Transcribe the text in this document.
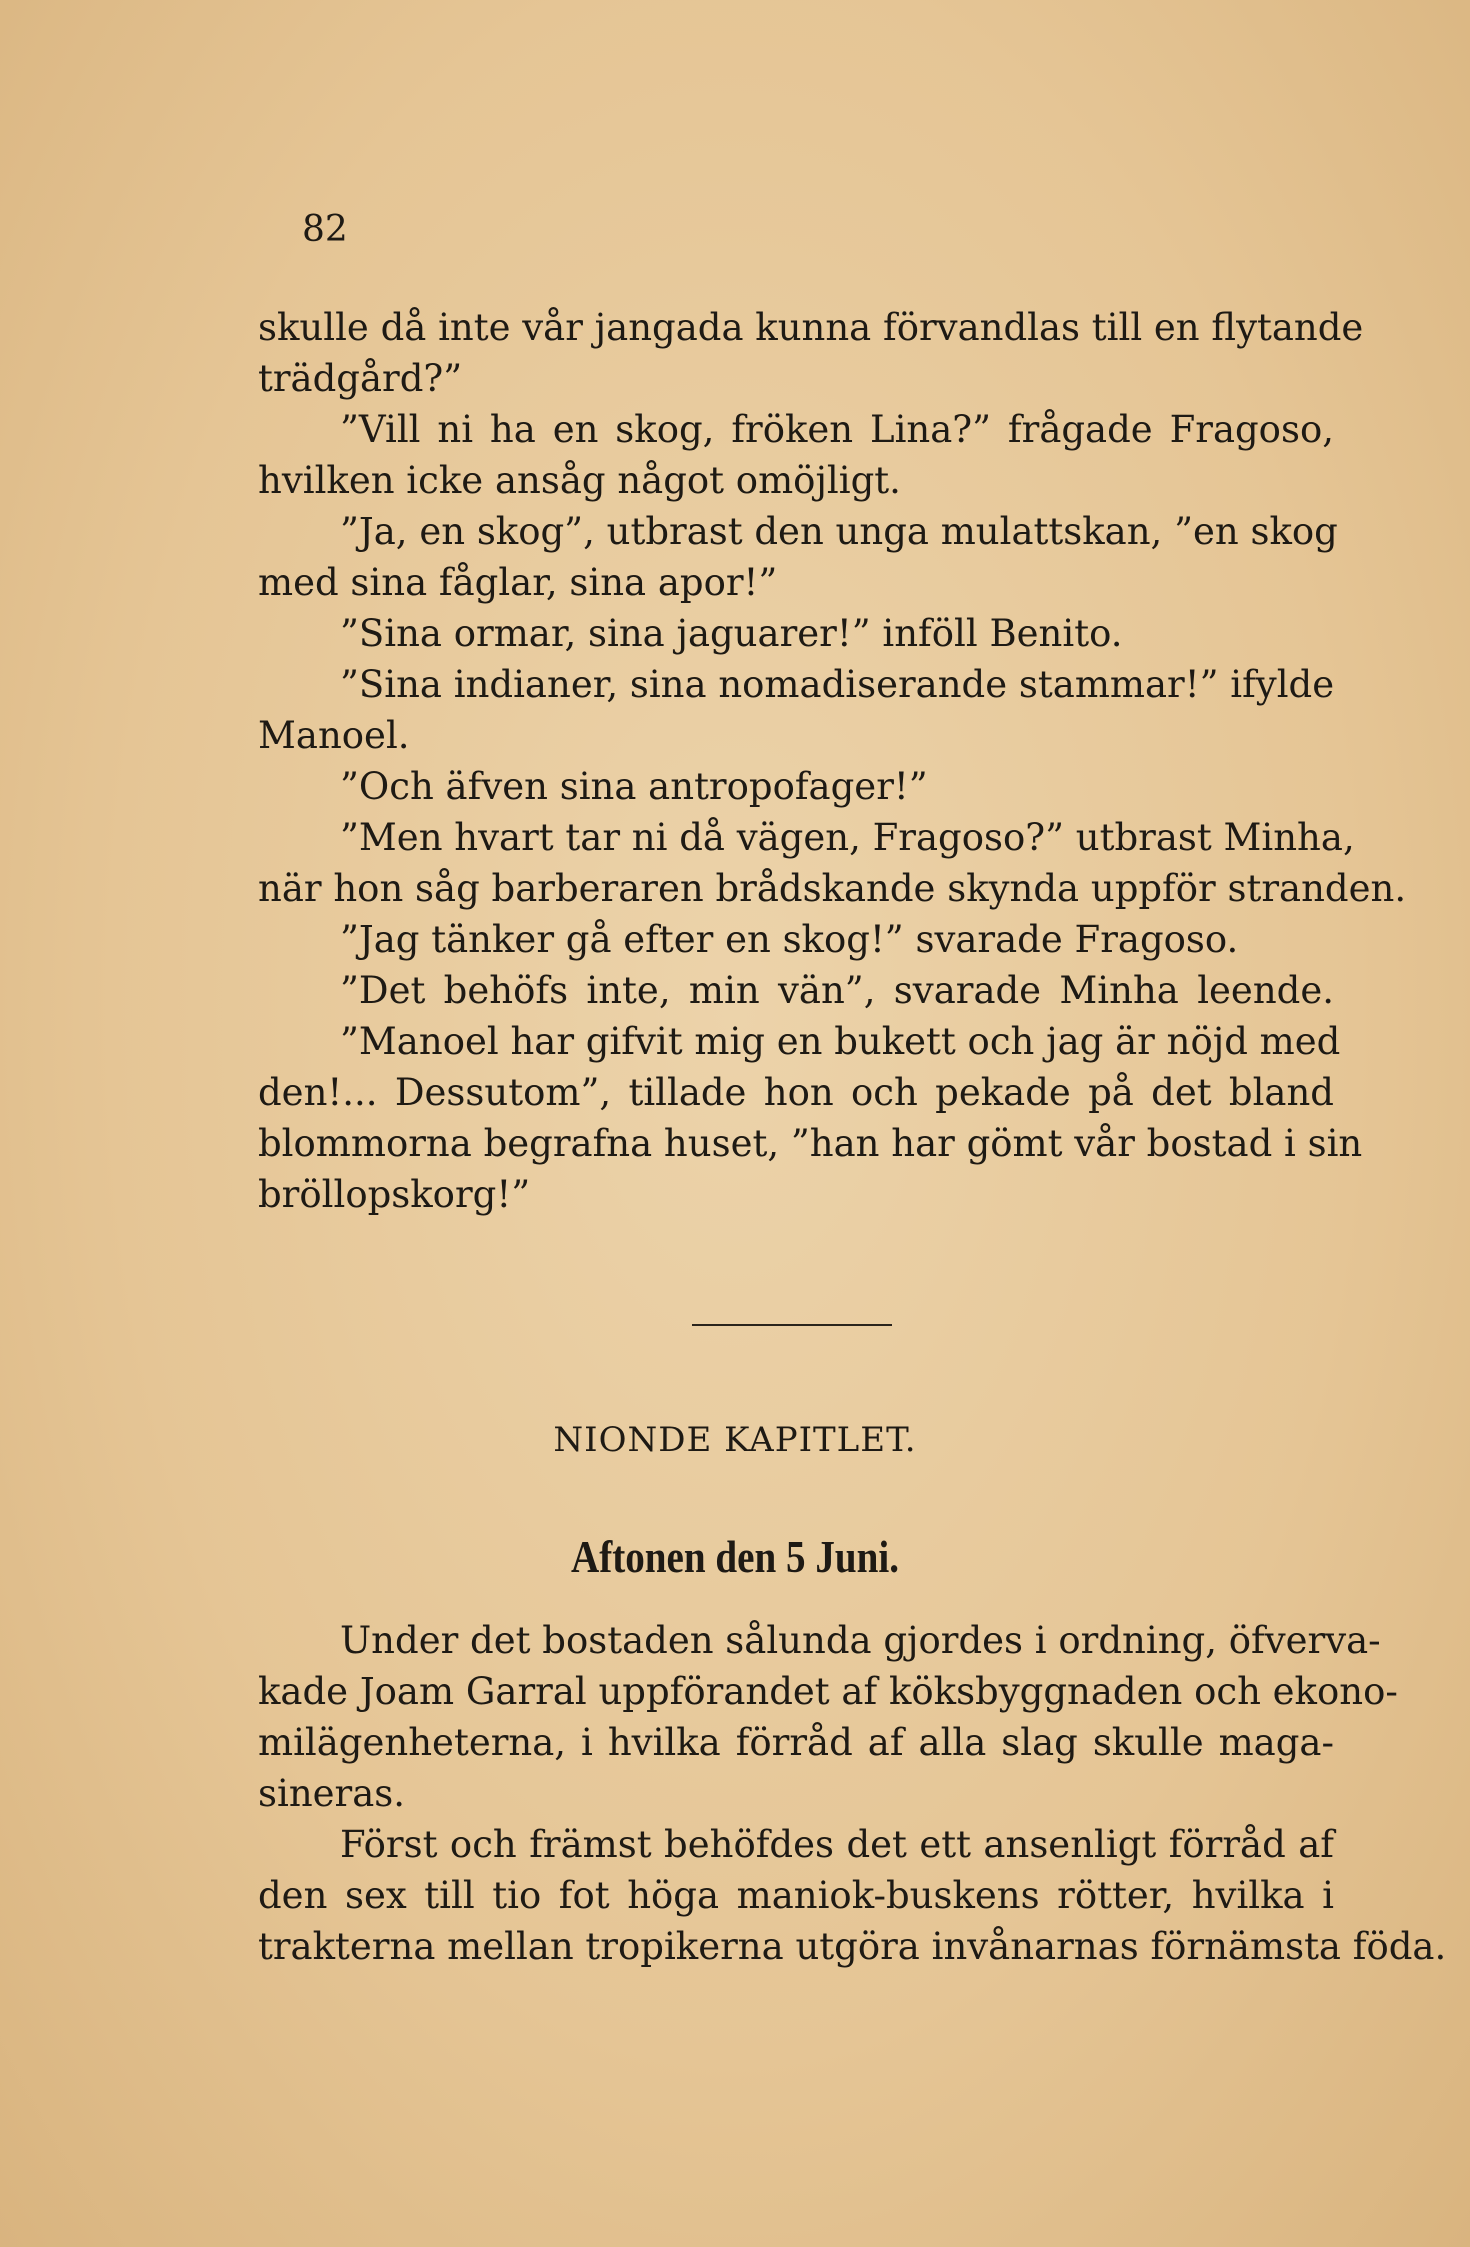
82
skulle då inte vår jangada kunna förvandlas till en flytande
trädgård?”
”Vill ni ha en skog, fröken Lina?” frågade Fragoso,
hvilken icke ansåg något omöjligt.
”Ja, en skog”, utbrast den unga mulattskan, ”en skog
med sina fåglar, sina apor!”
”Sina ormar, sina jaguarer!” inföll Benito.
”Sina indianer, sina nomadiserande stammar!” ifylde
Manoel.
”Och äfven sina antropofager!”
”Men hvart tar ni då vägen, Fragoso?” utbrast Minha,
när hon såg barberaren brådskande skynda uppför stranden.
”Jag tänker gå efter en skog!” svarade Fragoso.
”Det behöfs inte, min vän”, svarade Minha leende.
”Manoel har gifvit mig en bukett och jag är nöjd med
den!... Dessutom”, tillade hon och pekade på det bland
blommorna begrafna huset, ”han har gömt vår bostad i sin
bröllopskorg!”
NIONDE KAPITLET.
Aftonen den 5 Juni.
Under det bostaden sålunda gjordes i ordning, öfverva-
kade Joam Garral uppförandet af köksbyggnaden och ekono-
milägenheterna, i hvilka förråd af alla slag skulle maga-
sineras.
Först och främst behöfdes det ett ansenligt förråd af
den sex till tio fot höga maniok-buskens rötter, hvilka i
trakterna mellan tropikerna utgöra invånarnas förnämsta föda.
